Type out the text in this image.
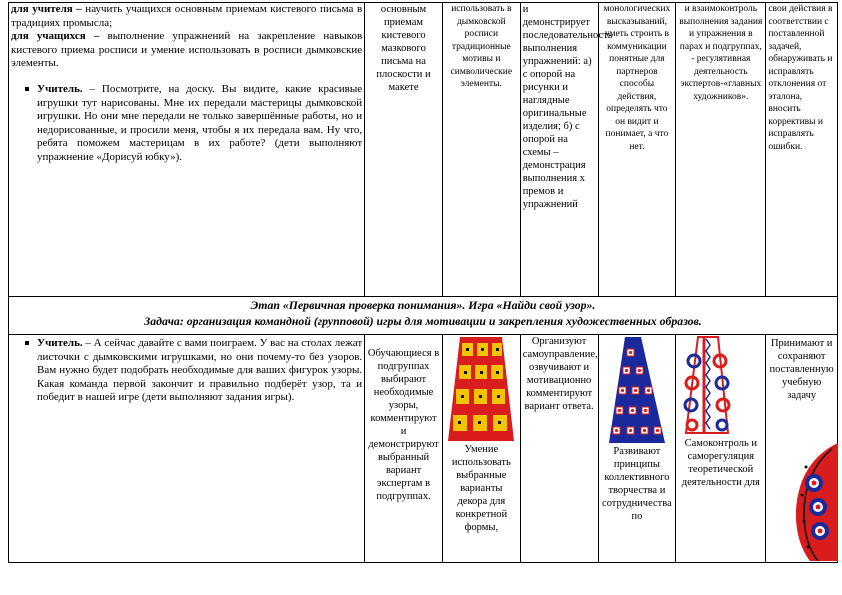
для учителя – научить учащихся основным приемам кистевого письма в традициях промысла;

для учащихся – выполнение упражнений на закрепление навыков кистевого приема росписи и умение использовать в росписи дымковские элементы.

Учитель. – Посмотрите, на доску. Вы видите, какие красивые игрушки тут нарисованы. Мне их передали мастерицы дымковской игрушки. Но они мне передали не только завершённые работы, но и недорисованные, и просили меня, чтобы я их передала вам. Ну что, ребята поможем мастерицам в их работе? (дети выполняют упражнение «Дорисуй юбку»).	основным приемам кистевого мазкового письма на плоскости и макете	использовать в дымковской росписи традиционные мотивы и символические элементы.	и демонстрирует последовательность выполнения упражнений: а) с опорой на рисунки и наглядные оригинальные изделия; б) с опорой на схемы – демонстрация выполнения х премов и упражнений	монологических высказываний, уметь строить в коммуникации понятные для партнеров способы действия, определять что он видит и понимает, а что нет.	и взаимоконтроль выполнения задания и упражнения в парах и подгруппах, - регулятивная деятельность экспертов-«главных художников».	свои действия в соответствии с поставленной задачей, обнаруживать и исправлять отклонения от эталона, вносить коррективы и исправлять ошибки.

Этап «Первичная проверка понимания». Игра «Найди свой узор».
Задача: организация командной (групповой) игры для мотивации и закрепления художественных образов.						

Учитель. – А сейчас давайте с вами поиграем. У вас на столах лежат листочки с дымковскими игрушками, но они почему-то без узоров. Вам нужно будет подобрать необходимые для ваших фигурок узоры. Какая команда первой закончит и правильно подберёт узор, та и победит в нашей игре (дети выполняют задания игры).	Обучающиеся в подгруппах выбирают необходимые узоры, комментируют и демонстрируют выбранный вариант экспертам в подгруппах.	Умение использовать выбранные варианты декора для конкретной формы,	Организуют самоуправление, озвучивают и мотивационно комментируют вариант ответа.	Развивают принципы коллективного творчества и сотрудничества по	Самоконтроль и саморегуляция теоретической деятельности для	Принимают и сохраняют поставленную учебную задачу
